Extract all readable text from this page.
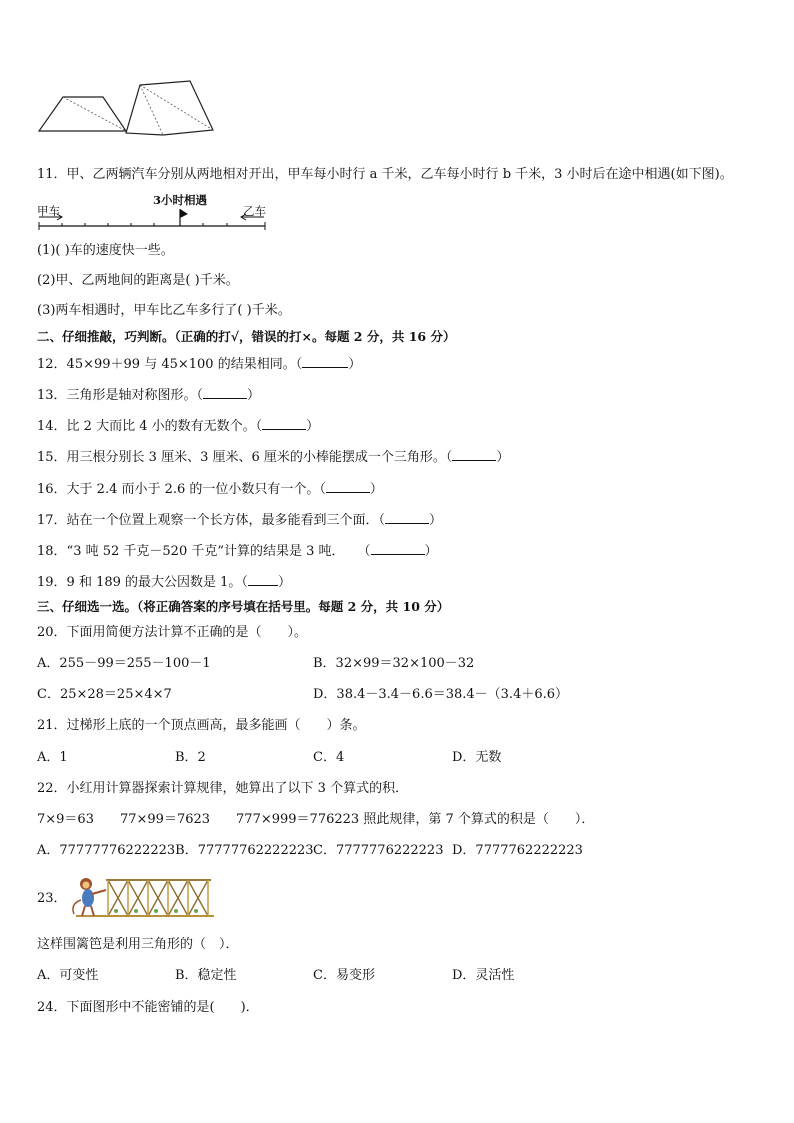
11．甲、乙两辆汽车分别从两地相对开出，甲车每小时行 a 千米，乙车每小时行 b 千米，3 小时后在途中相遇(如下图)。
甲车
3小时相遇
乙车
(1)( )车的速度快一些。
(2)甲、乙两地间的距离是( )千米。
(3)两车相遇时，甲车比乙车多行了( )千米。
二、仔细推敲，巧判断。（正确的打√，错误的打×。每题 2 分，共 16 分）
12．45×99＋99 与 45×100 的结果相同。（	）
13．三角形是轴对称图形。（	）
14．比 2 大而比 4 小的数有无数个。（	）
15．用三根分别长 3 厘米、3 厘米、6 厘米的小棒能摆成一个三角形。（	）
16．大于 2.4 而小于 2.6 的一位小数只有一个。（	）
17．站在一个位置上观察一个长方体，最多能看到三个面．（	）
18．“3 吨 52 千克－520 千克”计算的结果是 3 吨．　　（	）
19．9 和 189 的最大公因数是 1。（ ）
三、仔细选一选。（将正确答案的序号填在括号里。每题 2 分，共 10 分）
20．下面用简便方法计算不正确的是（　　）。
A．255－99＝255－100－1	B．32×99＝32×100－32
C．25×28＝25×4×7	D．38.4－3.4－6.6＝38.4－（3.4＋6.6）
21．过梯形上底的一个顶点画高，最多能画（　　）条。
A．1	B．2	C．4	D．无数
22．小红用计算器探索计算规律，她算出了以下 3 个算式的积．
7×9＝63　　77×99＝7623　　777×999＝776223 照此规律，第 7 个算式的积是（　　）．
A．77777776222223B．77777762222223 C．7777776222223 D．7777762222223
23．
这样围篱笆是利用三角形的（　）．
A．可变性	B．稳定性	C．易变形	D．灵活性
24．下面图形中不能密铺的是(　　)．
